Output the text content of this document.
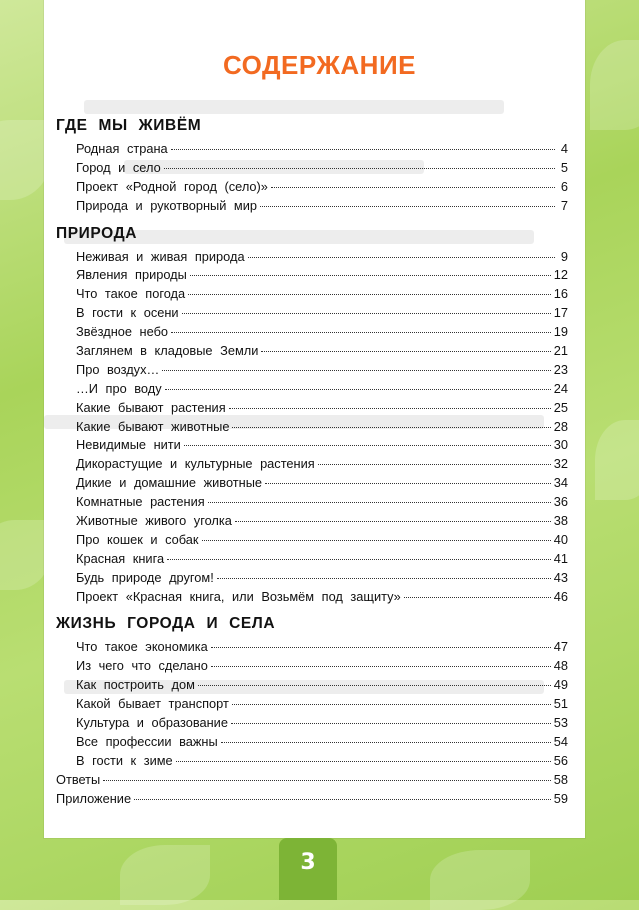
СОДЕРЖАНИЕ
ГДЕ МЫ ЖИВЁМ
Родная страна	4
Город и село	5
Проект «Родной город (село)»	6
Природа и рукотворный мир	7
ПРИРОДА
Неживая и живая природа	9
Явления природы	12
Что такое погода	16
В гости к осени	17
Звёздное небо	19
Заглянем в кладовые Земли	21
Про воздух…	23
…И про воду	24
Какие бывают растения	25
Какие бывают животные	28
Невидимые нити	30
Дикорастущие и культурные растения	32
Дикие и домашние животные	34
Комнатные растения	36
Животные живого уголка	38
Про кошек и собак	40
Красная книга	41
Будь природе другом!	43
Проект «Красная книга, или Возьмём под защиту»	46
ЖИЗНЬ ГОРОДА И СЕЛА
Что такое экономика	47
Из чего что сделано	48
Как построить дом	49
Какой бывает транспорт	51
Культура и образование	53
Все профессии важны	54
В гости к зиме	56
Ответы	58
Приложение	59
3
